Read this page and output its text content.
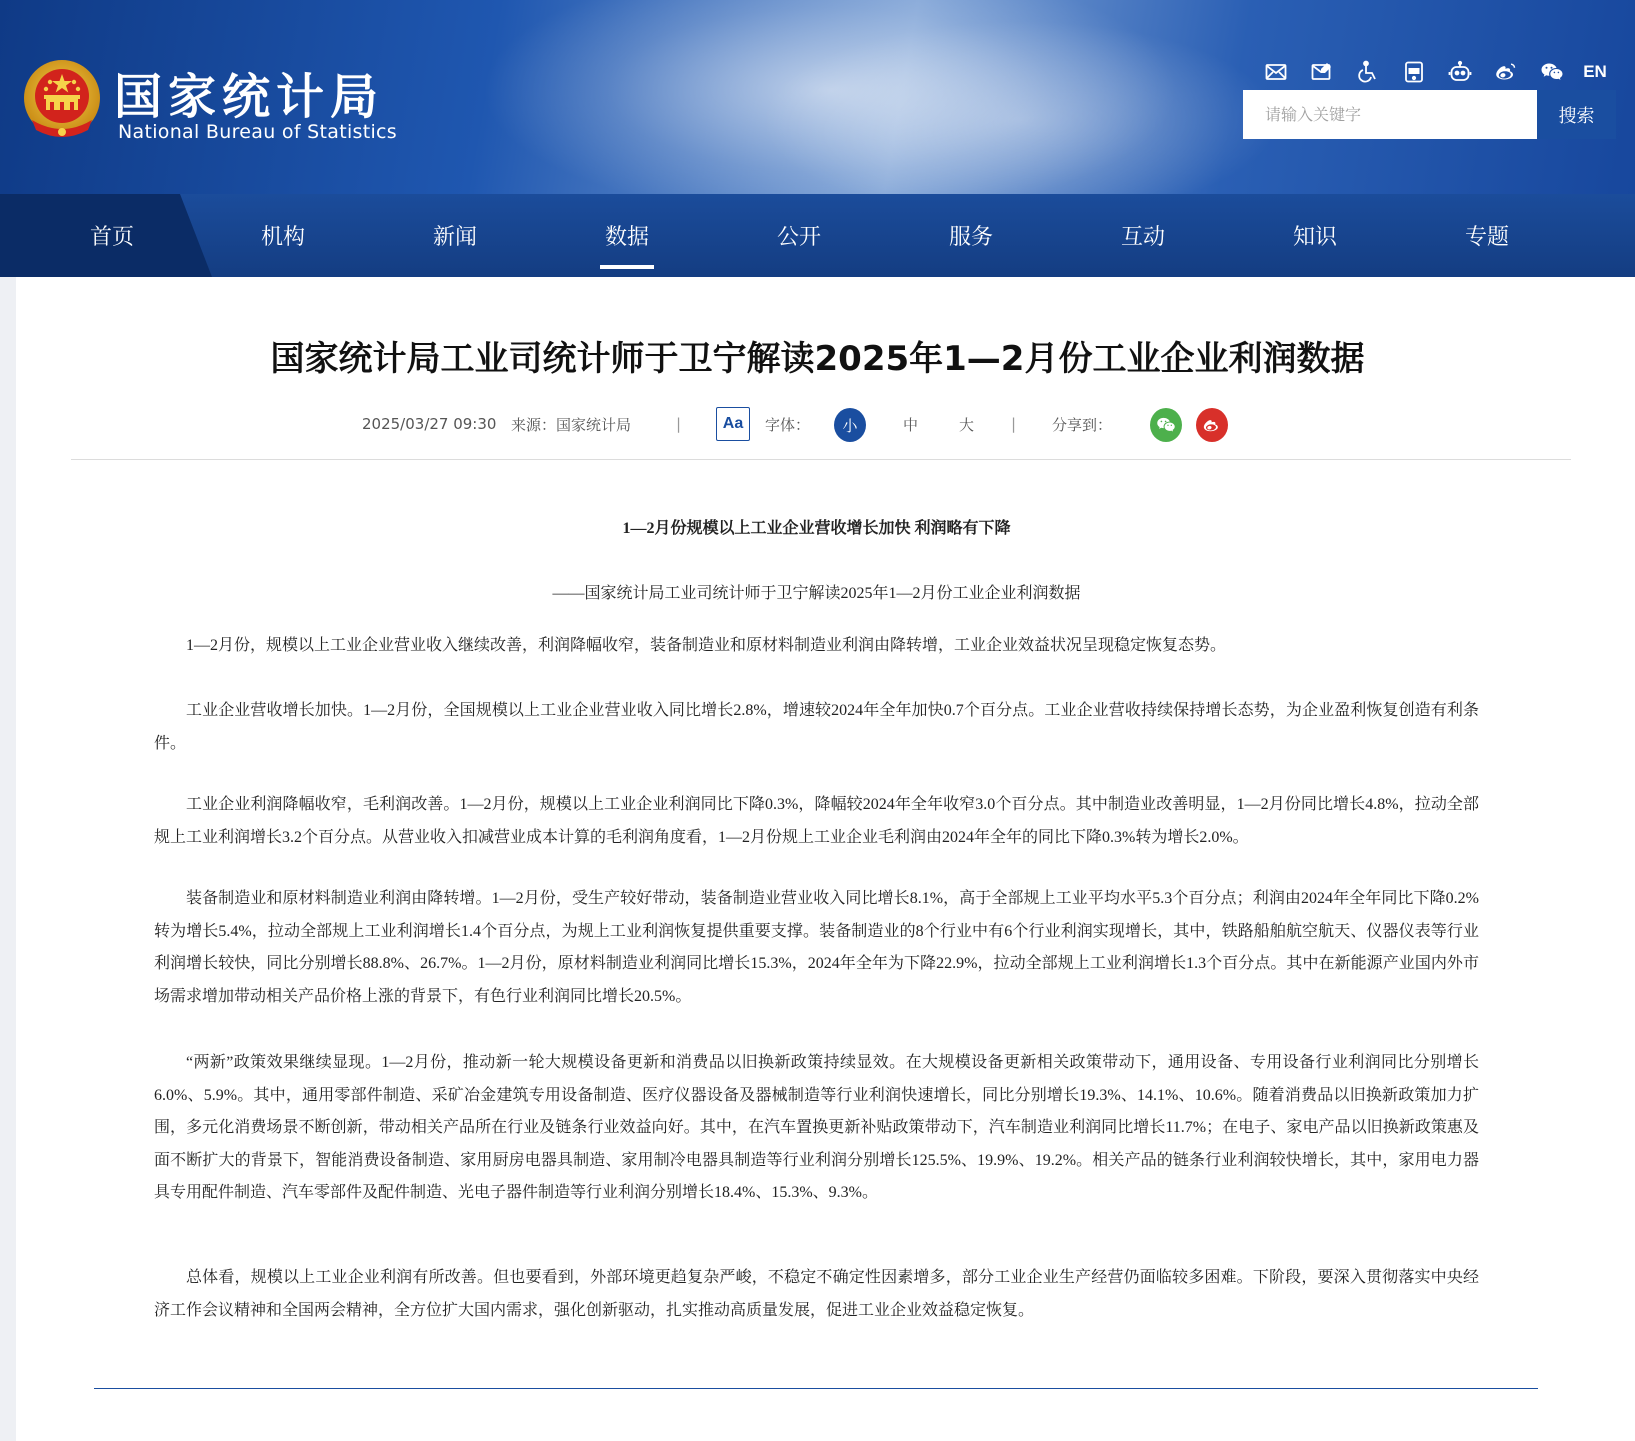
国家统计局
National Bureau of Statistics
EN
请输入关键字
搜索
首页	机构	新闻	数据	公开	服务	互动	知识	专题
国家统计局工业司统计师于卫宁解读2025年1—2月份工业企业利润数据
2025/03/27 09:30 来源：国家统计局	|	Aa	字体：	小	中	大 | 分享到：
1—2月份规模以上工业企业营收增长加快 利润略有下降
——国家统计局工业司统计师于卫宁解读2025年1—2月份工业企业利润数据

1—2月份，规模以上工业企业营业收入继续改善，利润降幅收窄，装备制造业和原材料制造业利润由降转增，工业企业效益状况呈现稳定恢复态势。

工业企业营收增长加快。1—2月份，全国规模以上工业企业营业收入同比增长2.8%，增速较2024年全年加快0.7个百分点。工业企业营收持续保持增长态势，为企业盈利恢复创造有利条件。

工业企业利润降幅收窄，毛利润改善。1—2月份，规模以上工业企业利润同比下降0.3%，降幅较2024年全年收窄3.0个百分点。其中制造业改善明显，1—2月份同比增长4.8%，拉动全部规上工业利润增长3.2个百分点。从营业收入扣减营业成本计算的毛利润角度看，1—2月份规上工业企业毛利润由2024年全年的同比下降0.3%转为增长2.0%。

装备制造业和原材料制造业利润由降转增。1—2月份，受生产较好带动，装备制造业营业收入同比增长8.1%，高于全部规上工业平均水平5.3个百分点；利润由2024年全年同比下降0.2%转为增长5.4%，拉动全部规上工业利润增长1.4个百分点，为规上工业利润恢复提供重要支撑。装备制造业的8个行业中有6个行业利润实现增长，其中，铁路船舶航空航天、仪器仪表等行业利润增长较快，同比分别增长88.8%、26.7%。1—2月份，原材料制造业利润同比增长15.3%，2024年全年为下降22.9%，拉动全部规上工业利润增长1.3个百分点。其中在新能源产业国内外市场需求增加带动相关产品价格上涨的背景下，有色行业利润同比增长20.5%。

“两新”政策效果继续显现。1—2月份，推动新一轮大规模设备更新和消费品以旧换新政策持续显效。在大规模设备更新相关政策带动下，通用设备、专用设备行业利润同比分别增长6.0%、5.9%。其中，通用零部件制造、采矿冶金建筑专用设备制造、医疗仪器设备及器械制造等行业利润快速增长，同比分别增长19.3%、14.1%、10.6%。随着消费品以旧换新政策加力扩围，多元化消费场景不断创新，带动相关产品所在行业及链条行业效益向好。其中，在汽车置换更新补贴政策带动下，汽车制造业利润同比增长11.7%；在电子、家电产品以旧换新政策惠及面不断扩大的背景下，智能消费设备制造、家用厨房电器具制造、家用制冷电器具制造等行业利润分别增长125.5%、19.9%、19.2%。相关产品的链条行业利润较快增长，其中，家用电力器具专用配件制造、汽车零部件及配件制造、光电子器件制造等行业利润分别增长18.4%、15.3%、9.3%。

总体看，规模以上工业企业利润有所改善。但也要看到，外部环境更趋复杂严峻，不稳定不确定性因素增多，部分工业企业生产经营仍面临较多困难。下阶段，要深入贯彻落实中央经济工作会议精神和全国两会精神，全方位扩大国内需求，强化创新驱动，扎实推动高质量发展，促进工业企业效益稳定恢复。
